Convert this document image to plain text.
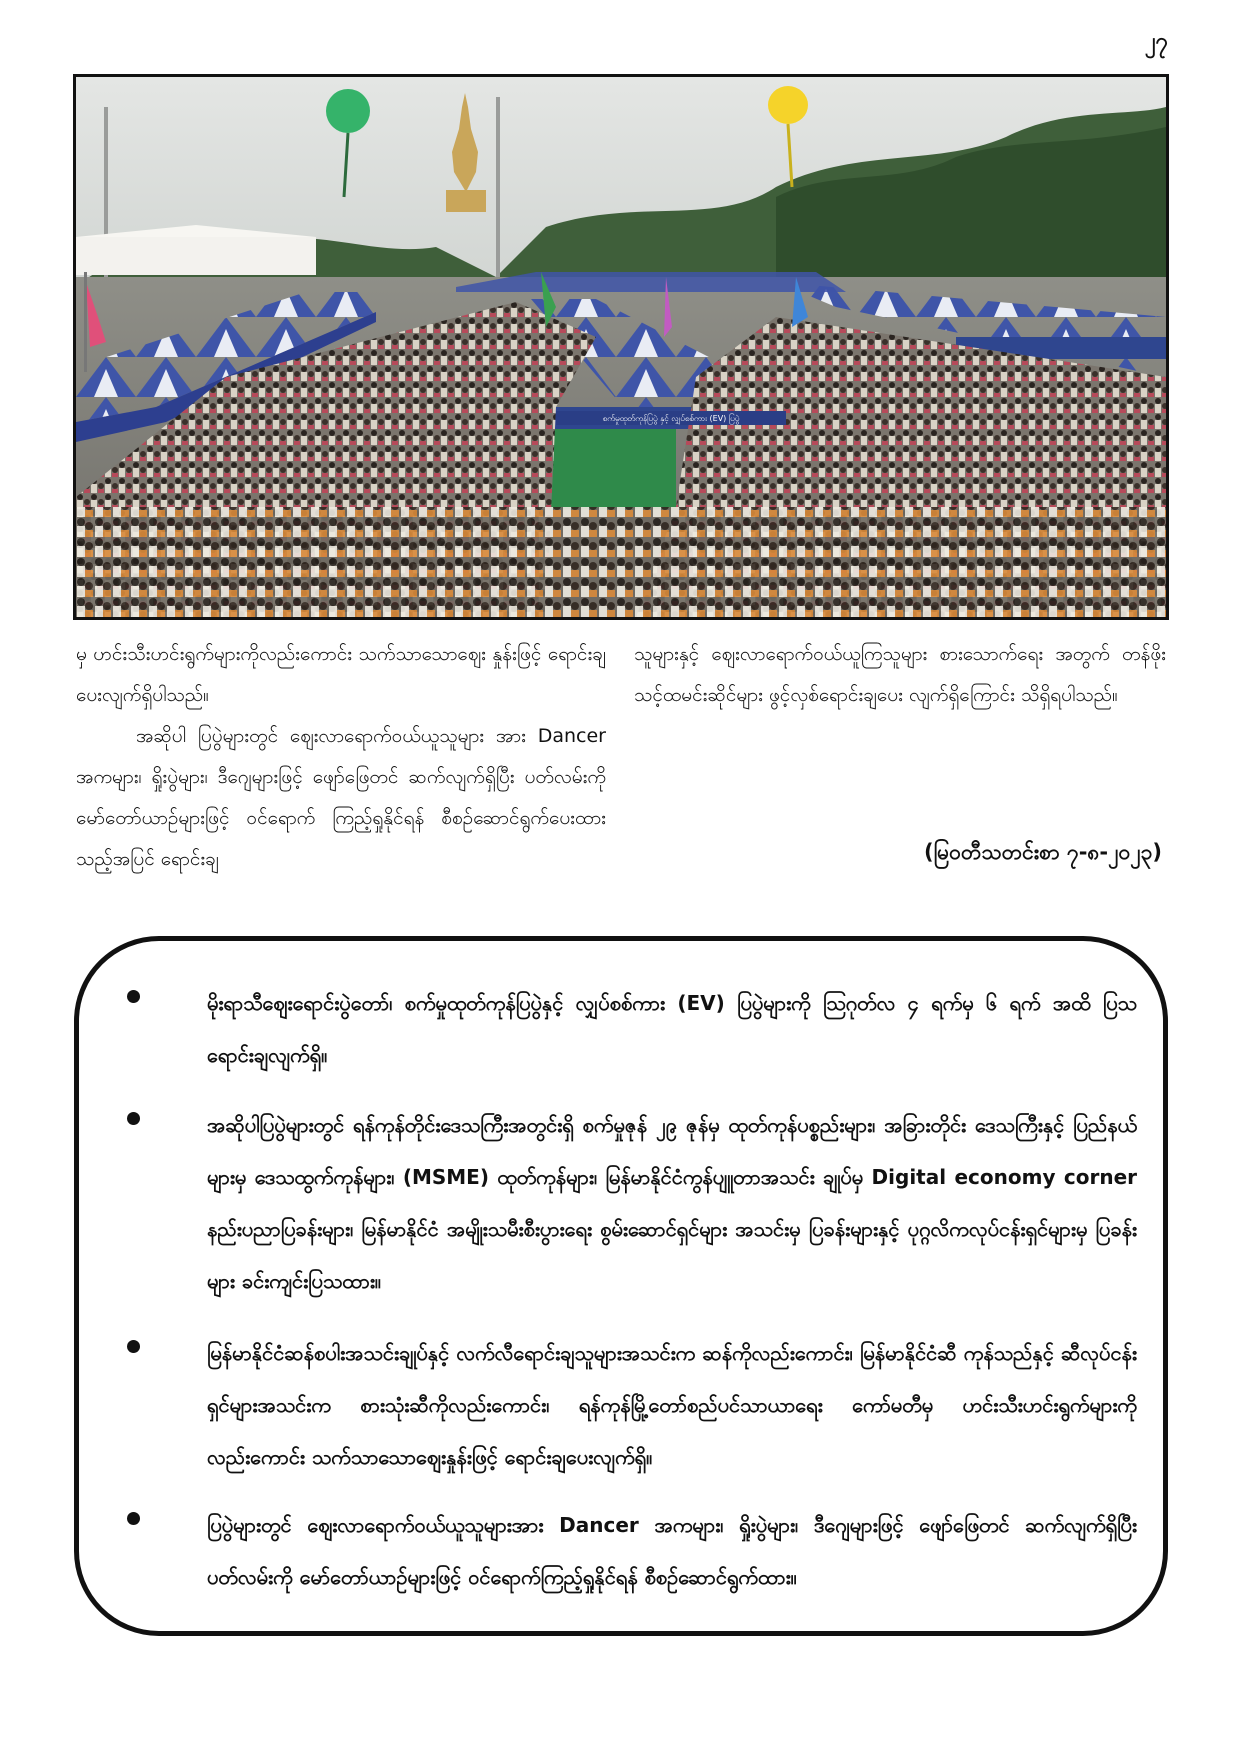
၂၇
စက်မှုထုတ်ကုန်ပြပွဲ နှင့် လျှပ်စစ်ကား (EV) ပြပွဲ

မှ ဟင်းသီးဟင်းရွက်များကိုလည်းကောင်း သက်သာသောဈေး နှုန်းဖြင့် ရောင်းချပေးလျက်ရှိပါသည်။

အဆိုပါ ပြပွဲများတွင် ဈေးလာရောက်ဝယ်ယူသူများ အား Dancer အကများ၊ ရှိုးပွဲများ၊ ဒီဂျေများဖြင့် ဖျော်ဖြေတင် ဆက်လျက်ရှိပြီး ပတ်လမ်းကို မော်တော်ယာဉ်များဖြင့် ဝင်ရောက် ကြည့်ရှုနိုင်ရန် စီစဉ်ဆောင်ရွက်ပေးထားသည့်အပြင် ရောင်းချ

သူများနှင့် ဈေးလာရောက်ဝယ်ယူကြသူများ စားသောက်ရေး အတွက် တန်ဖိုးသင့်ထမင်းဆိုင်များ ဖွင့်လှစ်ရောင်းချပေး လျက်ရှိကြောင်း သိရှိရပါသည်။

(မြဝတီသတင်းစာ ၇-၈-၂၀၂၃)

မိုးရာသီဈေးရောင်းပွဲတော်၊ စက်မှုထုတ်ကုန်ပြပွဲနှင့် လျှပ်စစ်ကား (EV) ပြပွဲများကို ဩဂုတ်လ ၄ ရက်မှ ၆ ရက် အထိ ပြသရောင်းချလျက်ရှိ။

အဆိုပါပြပွဲများတွင် ရန်ကုန်တိုင်းဒေသကြီးအတွင်းရှိ စက်မှုဇုန် ၂၉ ဇုန်မှ ထုတ်ကုန်ပစ္စည်းများ၊ အခြားတိုင်း ဒေသကြီးနှင့် ပြည်နယ်များမှ ဒေသထွက်ကုန်များ၊ (MSME) ထုတ်ကုန်များ၊ မြန်မာနိုင်ငံကွန်ပျူတာအသင်း ချုပ်မှ Digital economy corner နည်းပညာပြခန်းများ၊ မြန်မာနိုင်ငံ အမျိုးသမီးစီးပွားရေး စွမ်းဆောင်ရှင်များ အသင်းမှ ပြခန်းများနှင့် ပုဂ္ဂလိကလုပ်ငန်းရှင်များမှ ပြခန်းများ ခင်းကျင်းပြသထား။

မြန်မာနိုင်ငံဆန်စပါးအသင်းချုပ်နှင့် လက်လီရောင်းချသူများအသင်းက ဆန်ကိုလည်းကောင်း၊ မြန်မာနိုင်ငံဆီ ကုန်သည်နှင့် ဆီလုပ်ငန်းရှင်များအသင်းက စားသုံးဆီကိုလည်းကောင်း၊ ရန်ကုန်မြို့တော်စည်ပင်သာယာရေး ကော်မတီမှ ဟင်းသီးဟင်းရွက်များကိုလည်းကောင်း သက်သာသောဈေးနှုန်းဖြင့် ရောင်းချပေးလျက်ရှိ။

ပြပွဲများတွင် ဈေးလာရောက်ဝယ်ယူသူများအား Dancer အကများ၊ ရှိုးပွဲများ၊ ဒီဂျေများဖြင့် ဖျော်ဖြေတင် ဆက်လျက်ရှိပြီး ပတ်လမ်းကို မော်တော်ယာဉ်များဖြင့် ဝင်ရောက်ကြည့်ရှုနိုင်ရန် စီစဉ်ဆောင်ရွက်ထား။
